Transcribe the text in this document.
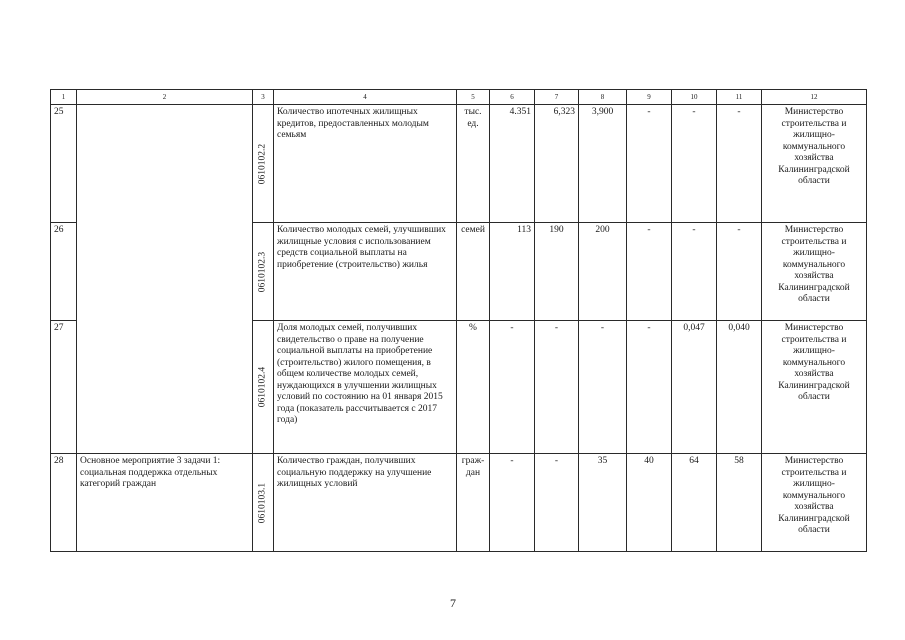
1	2	3	4	5	6	7	8	9	10	11	12
25		0610102.2	Количество ипотечных жилищных кредитов, предоставленных молодым семьям	тыс. ед.	4.351	6,323	3,900	-	-	-	Министерство строительства и жилищно-коммунального хозяйства Калининградской области
26		0610102.3	Количество молодых семей, улучшивших жилищные условия с использованием средств социальной выплаты на приобретение (строительство) жилья	семей	113	190	200	-	-	-	Министерство строительства и жилищно-коммунального хозяйства Калининградской области
27		0610102.4	Доля молодых семей, получивших свидетельство о праве на получение социальной выплаты на приобретение (строительство) жилого помещения, в общем количестве молодых семей, нуждающихся в улучшении жилищных условий по состоянию на 01 января 2015 года (показатель рассчитывается с 2017 года)	%	-	-	-	-	0,047	0,040	Министерство строительства и жилищно-коммунального хозяйства Калининградской области
28	Основное мероприятие 3 задачи 1: социальная поддержка отдельных категорий граждан	0610103.1	Количество граждан, получивших социальную поддержку на улучшение жилищных условий	граж-дан	-	-	35	40	64	58	Министерство строительства и жилищно-коммунального хозяйства Калининградской области
7
